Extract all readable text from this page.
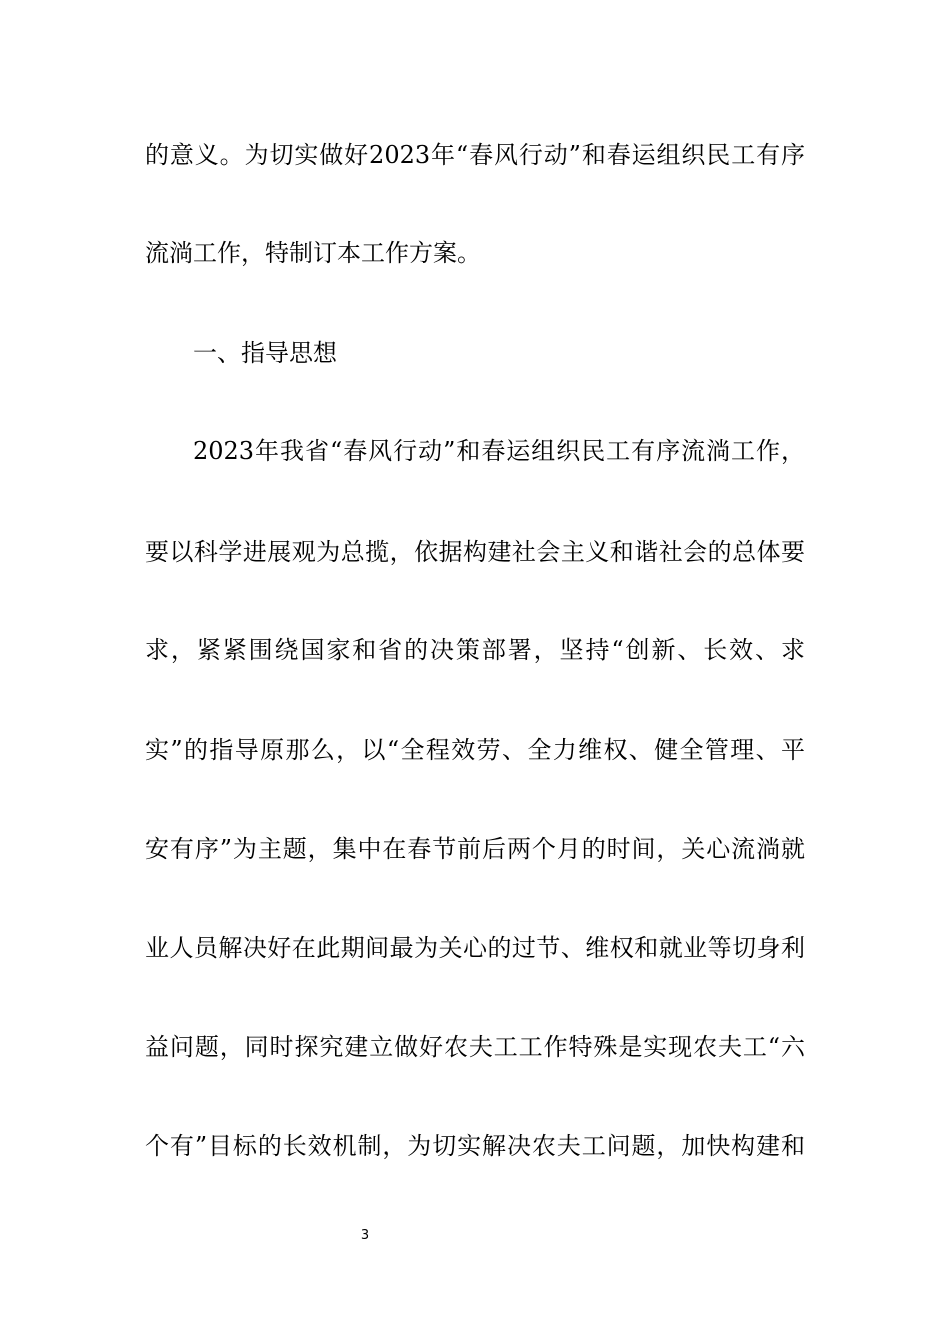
的意义。为切实做好2023年“春风行动”和春运组织民工有序
流淌工作，特制订本工作方案。
一、指导思想
2023年我省“春风行动”和春运组织民工有序流淌工作，
要以科学进展观为总揽，依据构建社会主义和谐社会的总体要
求，紧紧围绕国家和省的决策部署，坚持“创新、长效、求
实”的指导原那么，以“全程效劳、全力维权、健全管理、平
安有序”为主题，集中在春节前后两个月的时间，关心流淌就
业人员解决好在此期间最为关心的过节、维权和就业等切身利
益问题，同时探究建立做好农夫工工作特殊是实现农夫工“六
个有”目标的长效机制，为切实解决农夫工问题，加快构建和
3
